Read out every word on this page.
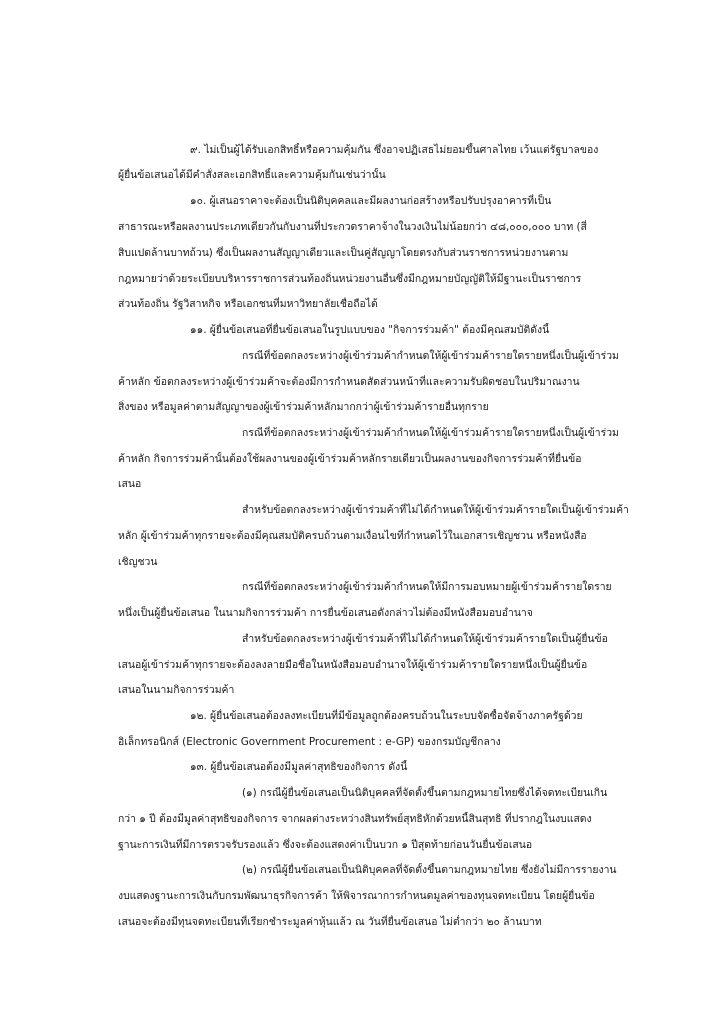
๙. ไม่เป็นผู้ได้รับเอกสิทธิ์หรือความคุ้มกัน ซึ่งอาจปฏิเสธไม่ยอมขึ้นศาลไทย เว้นแต่รัฐบาลของ
ผู้ยื่นข้อเสนอได้มีคำสั่งสละเอกสิทธิ์และความคุ้มกันเช่นว่านั้น
๑๐. ผู้เสนอราคาจะต้องเป็นนิติบุคคลและมีผลงานก่อสร้างหรือปรับปรุงอาคารที่เป็น
สาธารณะหรือผลงานประเภทเดียวกันกับงานที่ประกวดราคาจ้างในวงเงินไม่น้อยกว่า ๔๘,๐๐๐,๐๐๐ บาท (สี่
สิบแปดล้านบาทถ้วน) ซึ่งเป็นผลงานสัญญาเดียวและเป็นคู่สัญญาโดยตรงกับส่วนราชการหน่วยงานตาม
กฎหมายว่าด้วยระเบียบบริหารราชการส่วนท้องถิ่นหน่วยงานอื่นซึ่งมีกฎหมายบัญญัติให้มีฐานะเป็นราชการ
ส่วนท้องถิ่น รัฐวิสาหกิจ หรือเอกชนที่มหาวิทยาลัยเชื่อถือได้
๑๑. ผู้ยื่นข้อเสนอที่ยื่นข้อเสนอในรูปแบบของ "กิจการร่วมค้า" ต้องมีคุณสมบัติดังนี้
กรณีที่ข้อตกลงระหว่างผู้เข้าร่วมค้ากำหนดให้ผู้เข้าร่วมค้ารายใดรายหนึ่งเป็นผู้เข้าร่วม
ค้าหลัก ข้อตกลงระหว่างผู้เข้าร่วมค้าจะต้องมีการกำหนดสัดส่วนหน้าที่และความรับผิดชอบในปริมาณงาน
สิ่งของ หรือมูลค่าตามสัญญาของผู้เข้าร่วมค้าหลักมากกว่าผู้เข้าร่วมค้ารายอื่นทุกราย
กรณีที่ข้อตกลงระหว่างผู้เข้าร่วมค้ากำหนดให้ผู้เข้าร่วมค้ารายใดรายหนึ่งเป็นผู้เข้าร่วม
ค้าหลัก กิจการร่วมค้านั้นต้องใช้ผลงานของผู้เข้าร่วมค้าหลักรายเดียวเป็นผลงานของกิจการร่วมค้าที่ยื่นข้อ
เสนอ
สำหรับข้อตกลงระหว่างผู้เข้าร่วมค้าที่ไม่ได้กำหนดให้ผู้เข้าร่วมค้ารายใดเป็นผู้เข้าร่วมค้า
หลัก ผู้เข้าร่วมค้าทุกรายจะต้องมีคุณสมบัติครบถ้วนตามเงื่อนไขที่กำหนดไว้ในเอกสารเชิญชวน หรือหนังสือ
เชิญชวน
กรณีที่ข้อตกลงระหว่างผู้เข้าร่วมค้ากำหนดให้มีการมอบหมายผู้เข้าร่วมค้ารายใดราย
หนึ่งเป็นผู้ยื่นข้อเสนอ ในนามกิจการร่วมค้า การยื่นข้อเสนอดังกล่าวไม่ต้องมีหนังสือมอบอำนาจ
สำหรับข้อตกลงระหว่างผู้เข้าร่วมค้าที่ไม่ได้กำหนดให้ผู้เข้าร่วมค้ารายใดเป็นผู้ยื่นข้อ
เสนอผู้เข้าร่วมค้าทุกรายจะต้องลงลายมือชื่อในหนังสือมอบอำนาจให้ผู้เข้าร่วมค้ารายใดรายหนึ่งเป็นผู้ยื่นข้อ
เสนอในนามกิจการร่วมค้า
๑๒. ผู้ยื่นข้อเสนอต้องลงทะเบียนที่มีข้อมูลถูกต้องครบถ้วนในระบบจัดซื้อจัดจ้างภาครัฐด้วย
อิเล็กทรอนิกส์ (Electronic Government Procurement : e-GP) ของกรมบัญชีกลาง
๑๓. ผู้ยื่นข้อเสนอต้องมีมูลค่าสุทธิของกิจการ ดังนี้
(๑) กรณีผู้ยื่นข้อเสนอเป็นนิติบุคคลที่จัดตั้งขึ้นตามกฎหมายไทยซึ่งได้จดทะเบียนเกิน
กว่า ๑ ปี ต้องมีมูลค่าสุทธิของกิจการ จากผลต่างระหว่างสินทรัพย์สุทธิหักด้วยหนี้สินสุทธิ ที่ปรากฎในงบแสดง
ฐานะการเงินที่มีการตรวจรับรองแล้ว ซึ่งจะต้องแสดงค่าเป็นบวก ๑ ปีสุดท้ายก่อนวันยื่นข้อเสนอ
(๒) กรณีผู้ยื่นข้อเสนอเป็นนิติบุคคลที่จัดตั้งขึ้นตามกฎหมายไทย ซึ่งยังไม่มีการรายงาน
งบแสดงฐานะการเงินกับกรมพัฒนาธุรกิจการค้า ให้พิจารณาการกำหนดมูลค่าของทุนจดทะเบียน โดยผู้ยื่นข้อ
เสนอจะต้องมีทุนจดทะเบียนที่เรียกชำระมูลค่าหุ้นแล้ว ณ วันที่ยื่นข้อเสนอ ไม่ต่ำกว่า ๒๐ ล้านบาท
